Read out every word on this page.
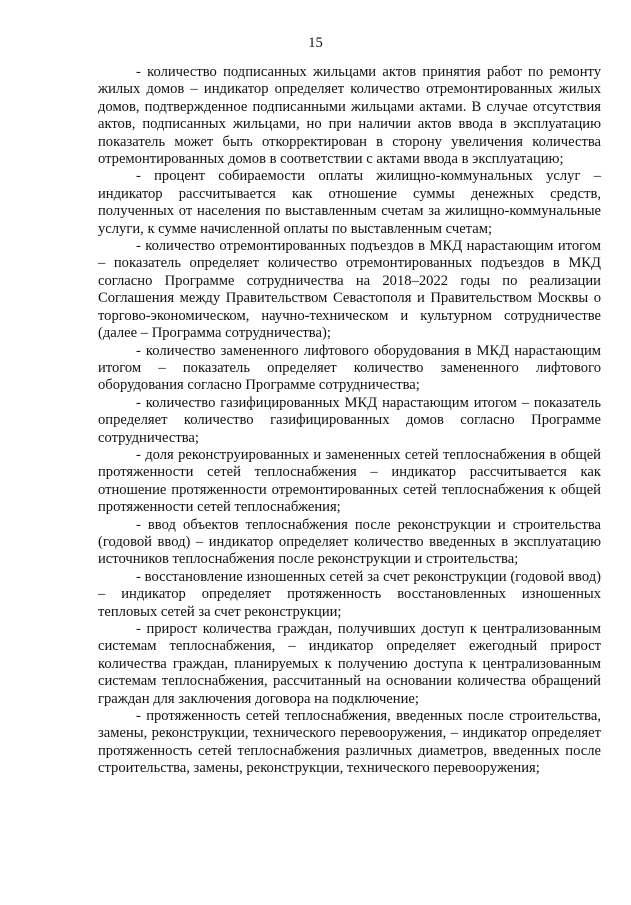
15

- количество подписанных жильцами актов принятия работ по ремонту жилых домов – индикатор определяет количество отремонтированных жилых домов, подтвержденное подписанными жильцами актами. В случае отсутствия актов, подписанных жильцами, но при наличии актов ввода в эксплуатацию показатель может быть откорректирован в сторону увеличения количества отремонтированных домов в соответствии с актами ввода в эксплуатацию;

- процент собираемости оплаты жилищно-коммунальных услуг – индикатор рассчитывается как отношение суммы денежных средств, полученных от населения по выставленным счетам за жилищно-коммунальные услуги, к сумме начисленной оплаты по выставленным счетам;

- количество отремонтированных подъездов в МКД нарастающим итогом – показатель определяет количество отремонтированных подъездов в МКД согласно Программе сотрудничества на 2018–2022 годы по реализации Соглашения между Правительством Севастополя и Правительством Москвы о торгово-экономическом, научно-техническом и культурном сотрудничестве (далее – Программа сотрудничества);

- количество замененного лифтового оборудования в МКД нарастающим итогом – показатель определяет количество замененного лифтового оборудования согласно Программе сотрудничества;

- количество газифицированных МКД нарастающим итогом – показатель определяет количество газифицированных домов согласно Программе сотрудничества;

- доля реконструированных и замененных сетей теплоснабжения в общей протяженности сетей теплоснабжения – индикатор рассчитывается как отношение протяженности отремонтированных сетей теплоснабжения к общей протяженности сетей теплоснабжения;

- ввод объектов теплоснабжения после реконструкции и строительства (годовой ввод) – индикатор определяет количество введенных в эксплуатацию источников теплоснабжения после реконструкции и строительства;

- восстановление изношенных сетей за счет реконструкции (годовой ввод) – индикатор определяет протяженность восстановленных изношенных тепловых сетей за счет реконструкции;

- прирост количества граждан, получивших доступ к централизованным системам теплоснабжения, – индикатор определяет ежегодный прирост количества граждан, планируемых к получению доступа к централизованным системам теплоснабжения, рассчитанный на основании количества обращений граждан для заключения договора на подключение;

- протяженность сетей теплоснабжения, введенных после строительства, замены, реконструкции, технического перевооружения, – индикатор определяет протяженность сетей теплоснабжения различных диаметров, введенных после строительства, замены, реконструкции, технического перевооружения;
